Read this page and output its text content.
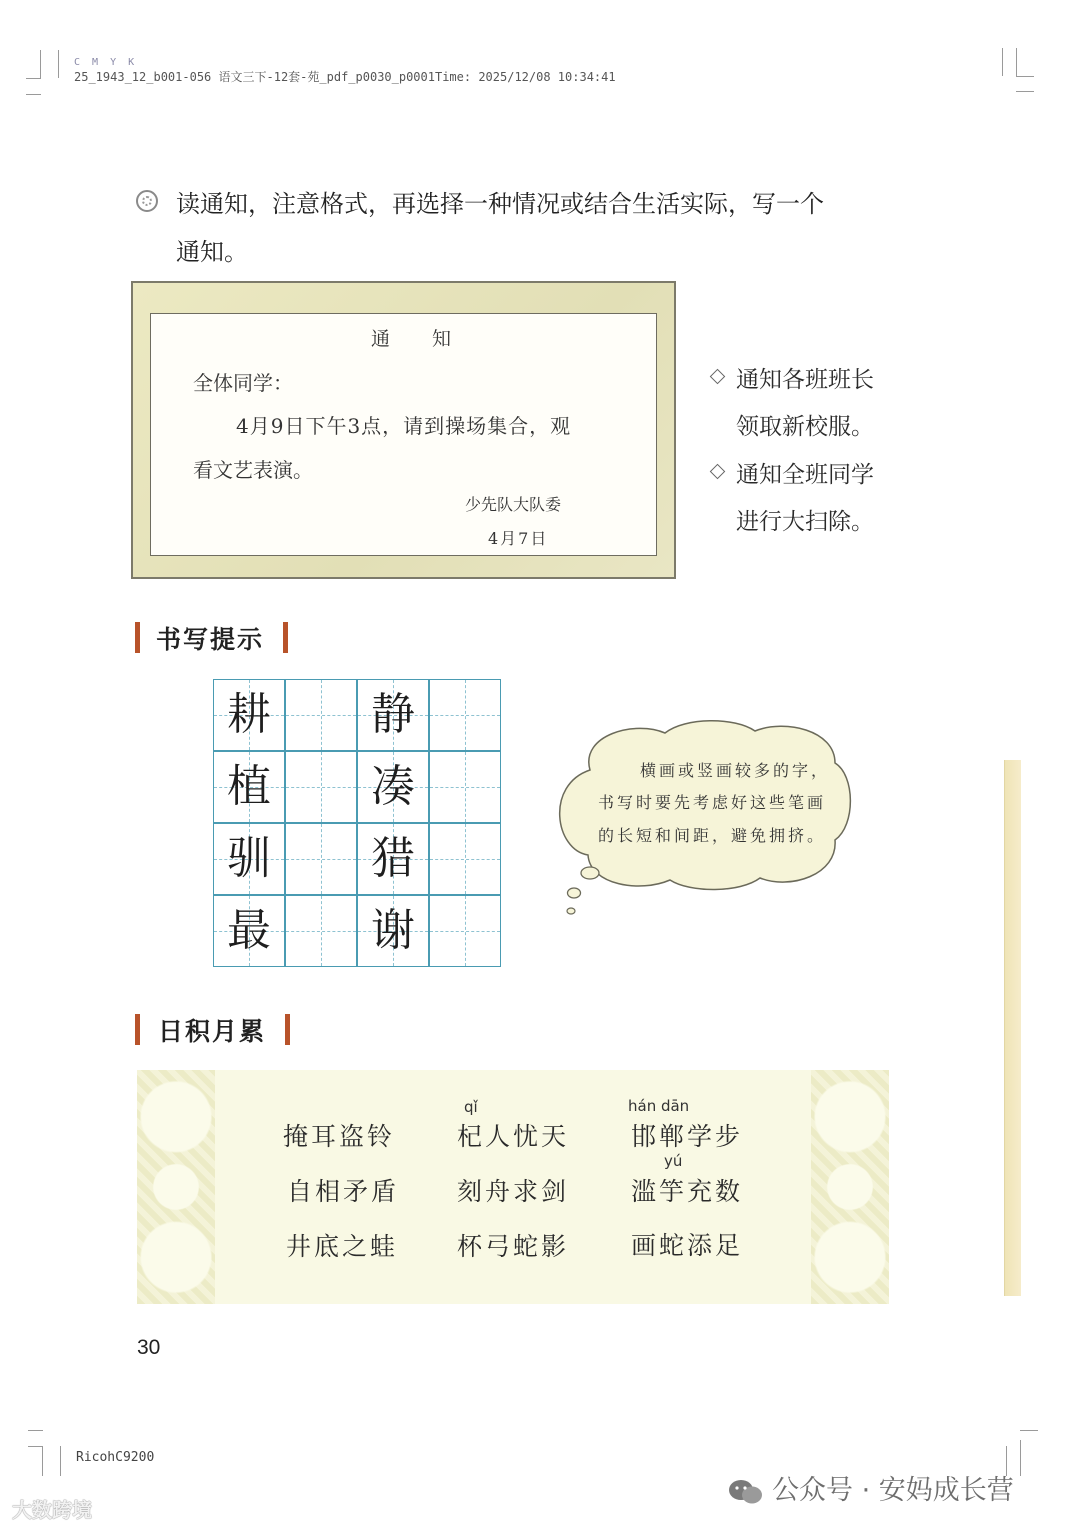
C M Y K
25_1943_12_b001-056 语文三下-12套-苑_pdf_p0030_p0001Time: 2025/12/08 10:34:41
读通知，注意格式，再选择一种情况或结合生活实际，写一个
通知。
通 知
全体同学：
4月9日下午3点，请到操场集合，观
看文艺表演。
少先队大队委
4月7日
通知各班班长
领取新校服。
通知全班同学
进行大扫除。
书写提示
耕
植
驯
最
静
凑
猎
谢
横画或竖画较多的字，
书写时要先考虑好这些笔画
的长短和间距，避免拥挤。
日积月累
掩耳盗铃
qǐ
杞人忧天
hán dān
邯郸学步
自相矛盾 刻舟求剑
yú
滥竽充数
井底之蛙 杯弓蛇影 画蛇添足
30
RicohC9200
公众号 · 安妈成长营
大数跨境
